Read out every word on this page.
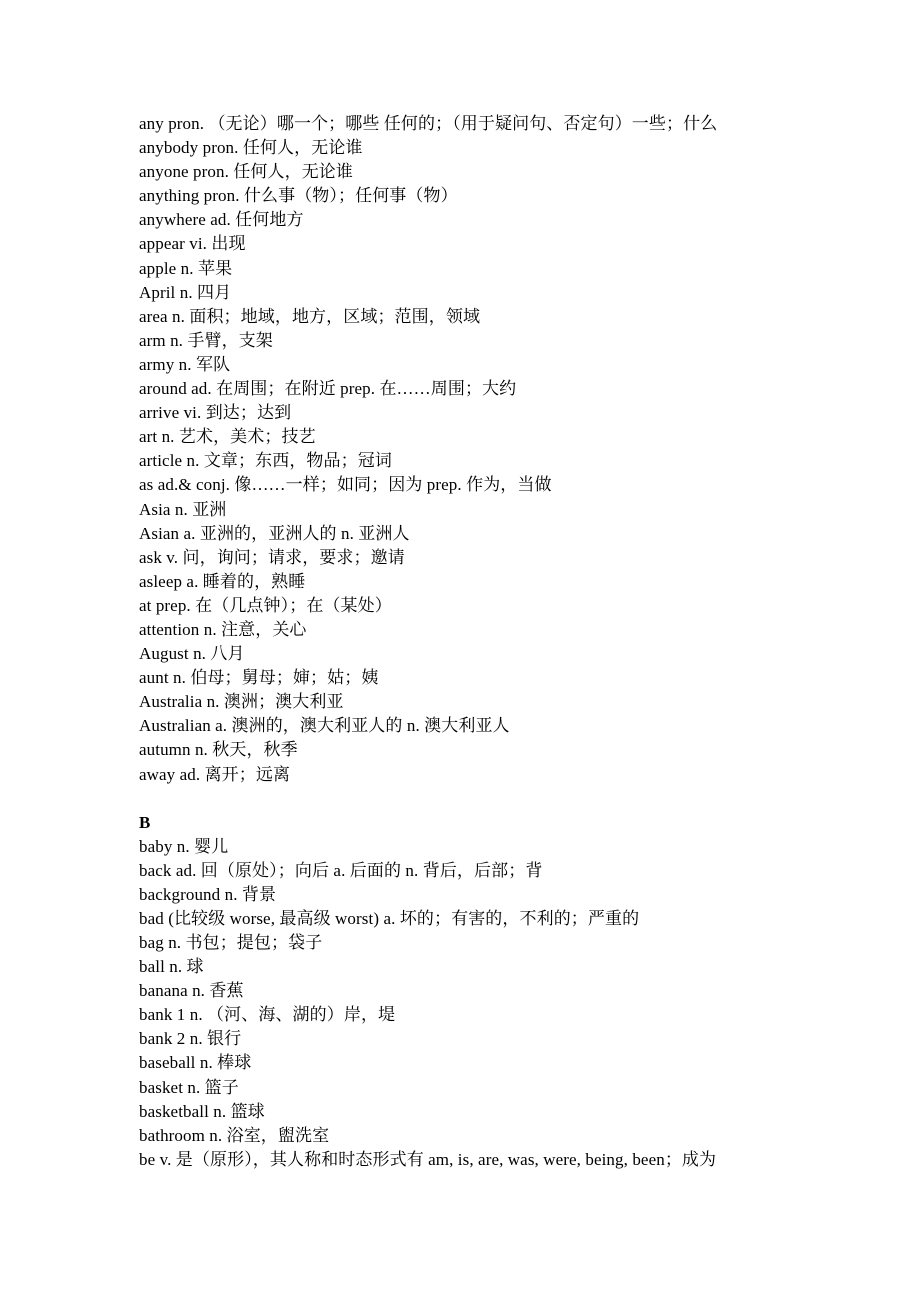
any pron. （无论）哪一个；哪些 任何的；（用于疑问句、否定句）一些；什么
anybody pron. 任何人，无论谁
anyone pron. 任何人，无论谁
anything pron. 什么事（物）；任何事（物）
anywhere ad. 任何地方
appear vi. 出现
apple n. 苹果
April n. 四月
area n. 面积；地域，地方，区域；范围，领域
arm n. 手臂，支架
army n. 军队
around ad. 在周围；在附近 prep. 在……周围；大约
arrive vi. 到达；达到
art n. 艺术，美术；技艺
article n. 文章；东西，物品；冠词
as ad.& conj. 像……一样；如同；因为 prep. 作为，当做
Asia n. 亚洲
Asian a. 亚洲的，亚洲人的 n. 亚洲人
ask v. 问，询问；请求，要求；邀请
asleep a. 睡着的，熟睡
at prep. 在（几点钟）；在（某处）
attention n. 注意，关心
August n. 八月
aunt n. 伯母；舅母；婶；姑；姨
Australia n. 澳洲；澳大利亚
Australian a. 澳洲的，澳大利亚人的 n. 澳大利亚人
autumn n. 秋天，秋季
away ad. 离开；远离
B
baby n. 婴儿
back ad. 回（原处）；向后 a. 后面的 n. 背后，后部；背
background n. 背景
bad (比较级 worse, 最高级 worst) a. 坏的；有害的，不利的；严重的
bag n. 书包；提包；袋子
ball n. 球
banana n. 香蕉
bank 1 n. （河、海、湖的）岸，堤
bank 2 n. 银行
baseball n. 棒球
basket n. 篮子
basketball n. 篮球
bathroom n. 浴室，盥洗室
be v. 是（原形），其人称和时态形式有 am, is, are, was, were, being, been；成为
